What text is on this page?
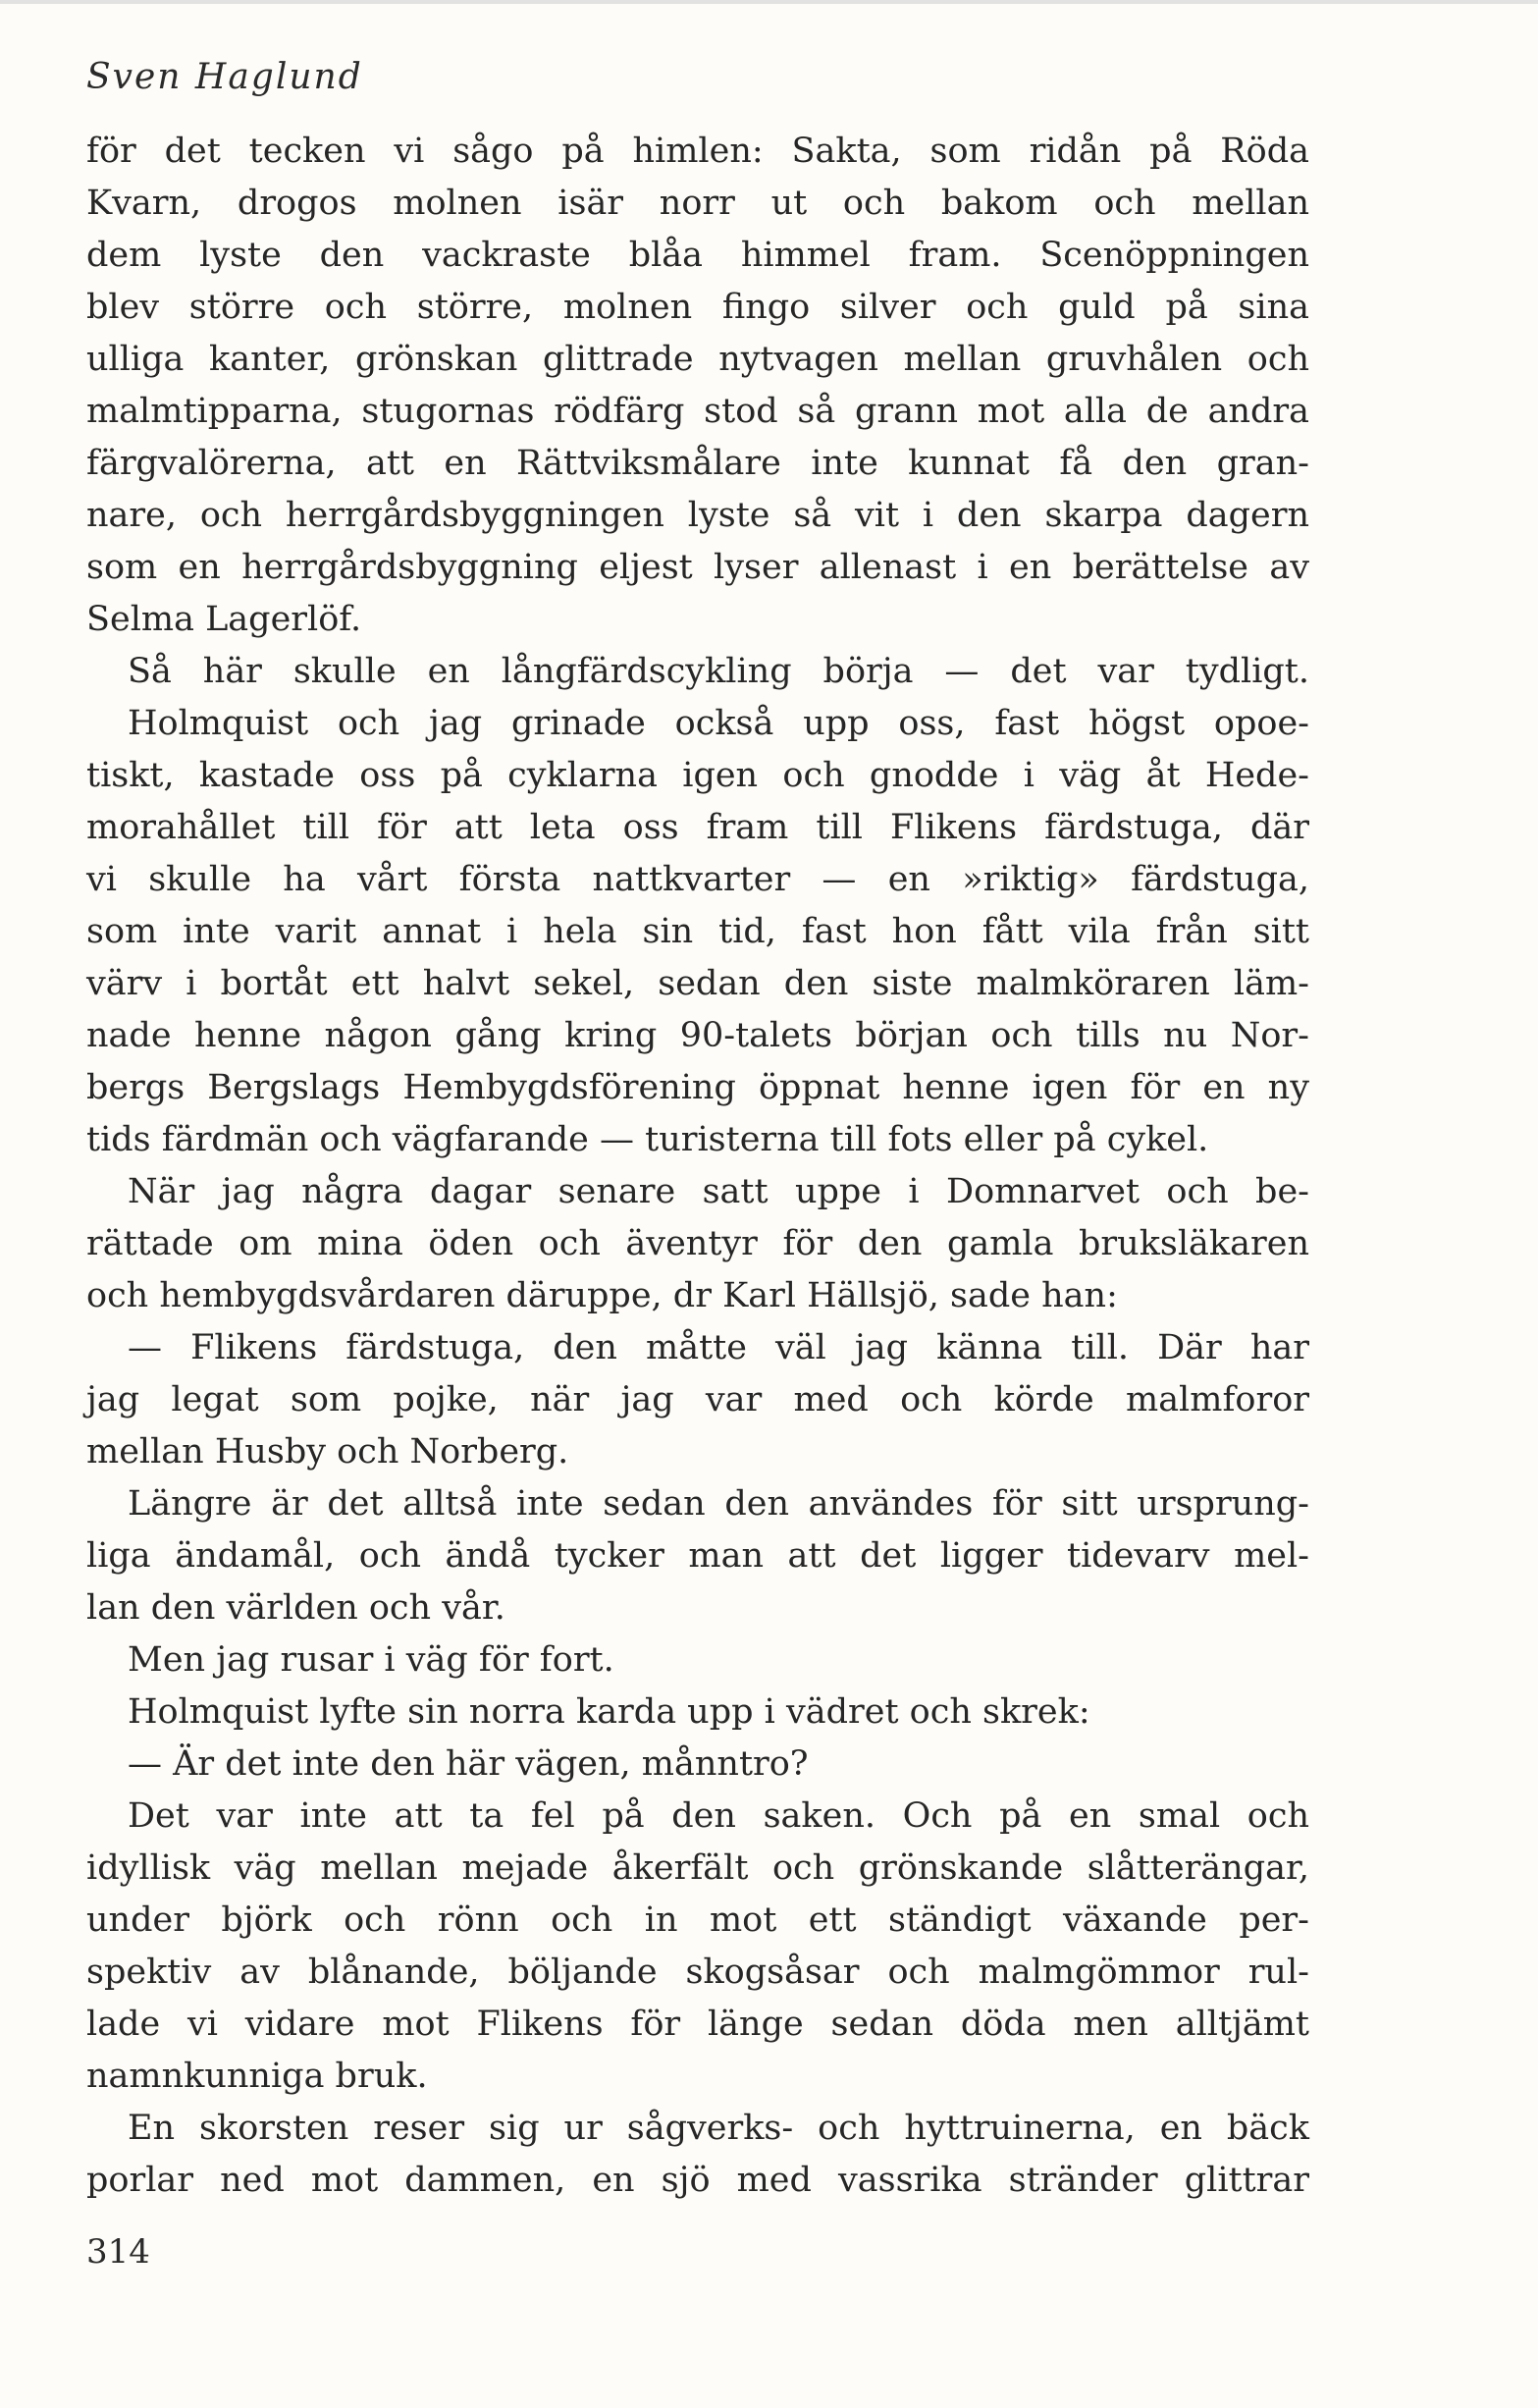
Sven Haglund

för det tecken vi sågo på himlen: Sakta, som ridån på Röda
Kvarn, drogos molnen isär norr ut och bakom och mellan
dem lyste den vackraste blåa himmel fram. Scenöppningen
blev större och större, molnen fingo silver och guld på sina
ulliga kanter, grönskan glittrade nytvagen mellan gruvhålen och
malmtipparna, stugornas rödfärg stod så grann mot alla de andra
färgvalörerna, att en Rättviksmålare inte kunnat få den gran-
nare, och herrgårdsbyggningen lyste så vit i den skarpa dagern
som en herrgårdsbyggning eljest lyser allenast i en berättelse av
Selma Lagerlöf.
Så här skulle en långfärdscykling börja — det var tydligt.
Holmquist och jag grinade också upp oss, fast högst opoe-
tiskt, kastade oss på cyklarna igen och gnodde i väg åt Hede-
morahållet till för att leta oss fram till Flikens färdstuga, där
vi skulle ha vårt första nattkvarter — en »riktig» färdstuga,
som inte varit annat i hela sin tid, fast hon fått vila från sitt
värv i bortåt ett halvt sekel, sedan den siste malmköraren läm-
nade henne någon gång kring 90-talets början och tills nu Nor-
bergs Bergslags Hembygdsförening öppnat henne igen för en ny
tids färdmän och vägfarande — turisterna till fots eller på cykel.
När jag några dagar senare satt uppe i Domnarvet och be-
rättade om mina öden och äventyr för den gamla bruksläkaren
och hembygdsvårdaren däruppe, dr Karl Hällsjö, sade han:
— Flikens färdstuga, den måtte väl jag känna till. Där har
jag legat som pojke, när jag var med och körde malmforor
mellan Husby och Norberg.
Längre är det alltså inte sedan den användes för sitt ursprung-
liga ändamål, och ändå tycker man att det ligger tidevarv mel-
lan den världen och vår.
Men jag rusar i väg för fort.
Holmquist lyfte sin norra karda upp i vädret och skrek:
— Är det inte den här vägen, månntro?
Det var inte att ta fel på den saken. Och på en smal och
idyllisk väg mellan mejade åkerfält och grönskande slåtterängar,
under björk och rönn och in mot ett ständigt växande per-
spektiv av blånande, böljande skogsåsar och malmgömmor rul-
lade vi vidare mot Flikens för länge sedan döda men alltjämt
namnkunniga bruk.
En skorsten reser sig ur sågverks- och hyttruinerna, en bäck
porlar ned mot dammen, en sjö med vassrika stränder glittrar

314
